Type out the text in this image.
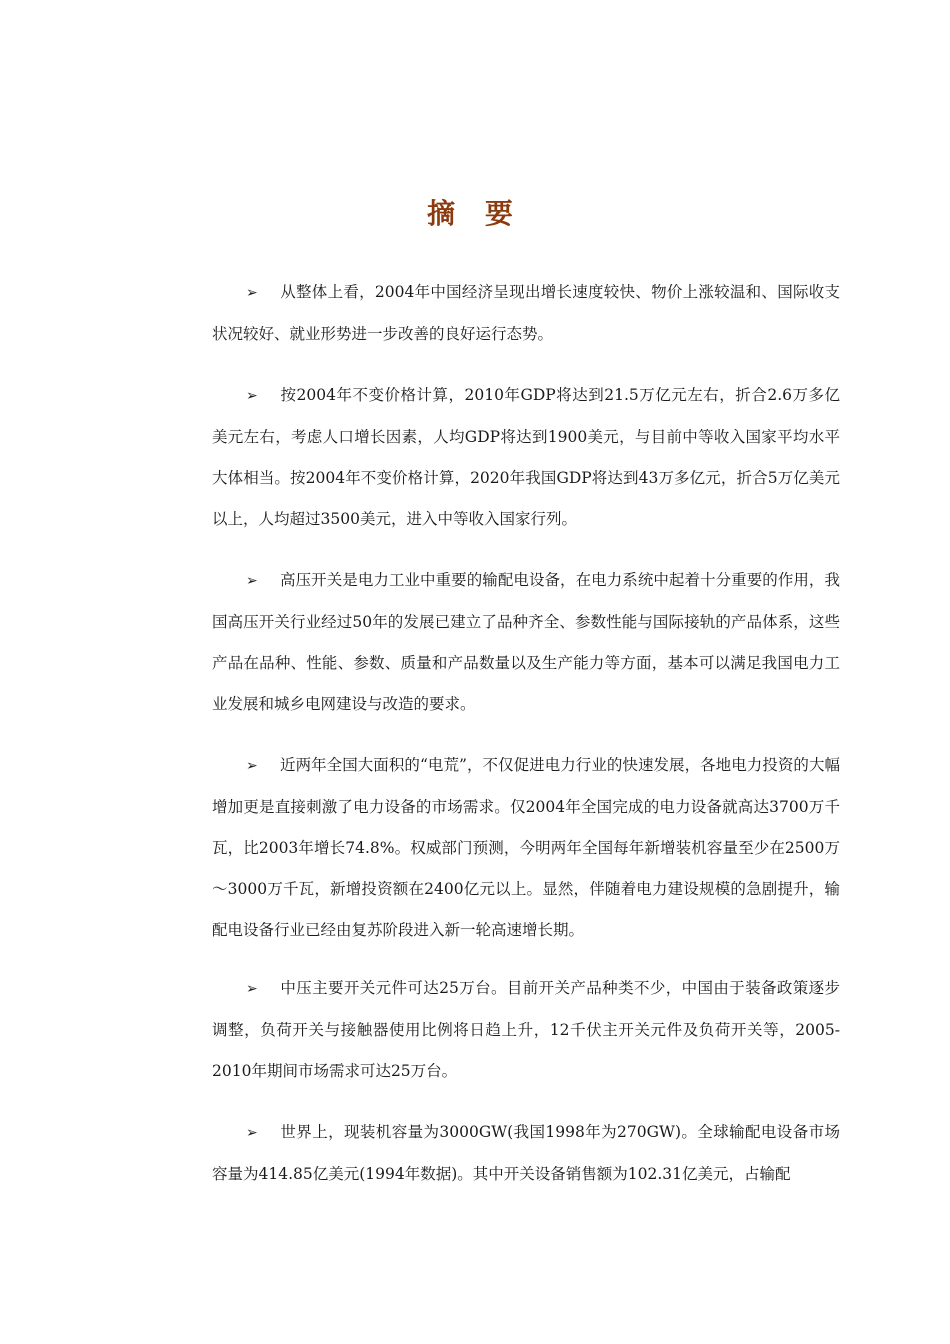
摘 要
➢ 从整体上看，2004年中国经济呈现出增长速度较快、物价上涨较温和、国际收支状况较好、就业形势进一步改善的良好运行态势。
➢ 按2004年不变价格计算，2010年GDP将达到21.5万亿元左右，折合2.6万多亿美元左右，考虑人口增长因素，人均GDP将达到1900美元，与目前中等收入国家平均水平大体相当。按2004年不变价格计算，2020年我国GDP将达到43万多亿元，折合5万亿美元以上，人均超过3500美元，进入中等收入国家行列。
➢ 高压开关是电力工业中重要的输配电设备，在电力系统中起着十分重要的作用，我国高压开关行业经过50年的发展已建立了品种齐全、参数性能与国际接轨的产品体系，这些产品在品种、性能、参数、质量和产品数量以及生产能力等方面，基本可以满足我国电力工业发展和城乡电网建设与改造的要求。
➢ 近两年全国大面积的“电荒”，不仅促进电力行业的快速发展，各地电力投资的大幅增加更是直接刺激了电力设备的市场需求。仅2004年全国完成的电力设备就高达3700万千瓦，比2003年增长74.8%。权威部门预测，今明两年全国每年新增装机容量至少在2500万～3000万千瓦，新增投资额在2400亿元以上。显然，伴随着电力建设规模的急剧提升，输配电设备行业已经由复苏阶段进入新一轮高速增长期。
➢ 中压主要开关元件可达25万台。目前开关产品种类不少，中国由于装备政策逐步调整，负荷开关与接触器使用比例将日趋上升，12千伏主开关元件及负荷开关等，2005-2010年期间市场需求可达25万台。
➢ 世界上，现装机容量为3000GW(我国1998年为270GW)。全球输配电设备市场容量为414.85亿美元(1994年数据)。其中开关设备销售额为102.31亿美元，占输配
